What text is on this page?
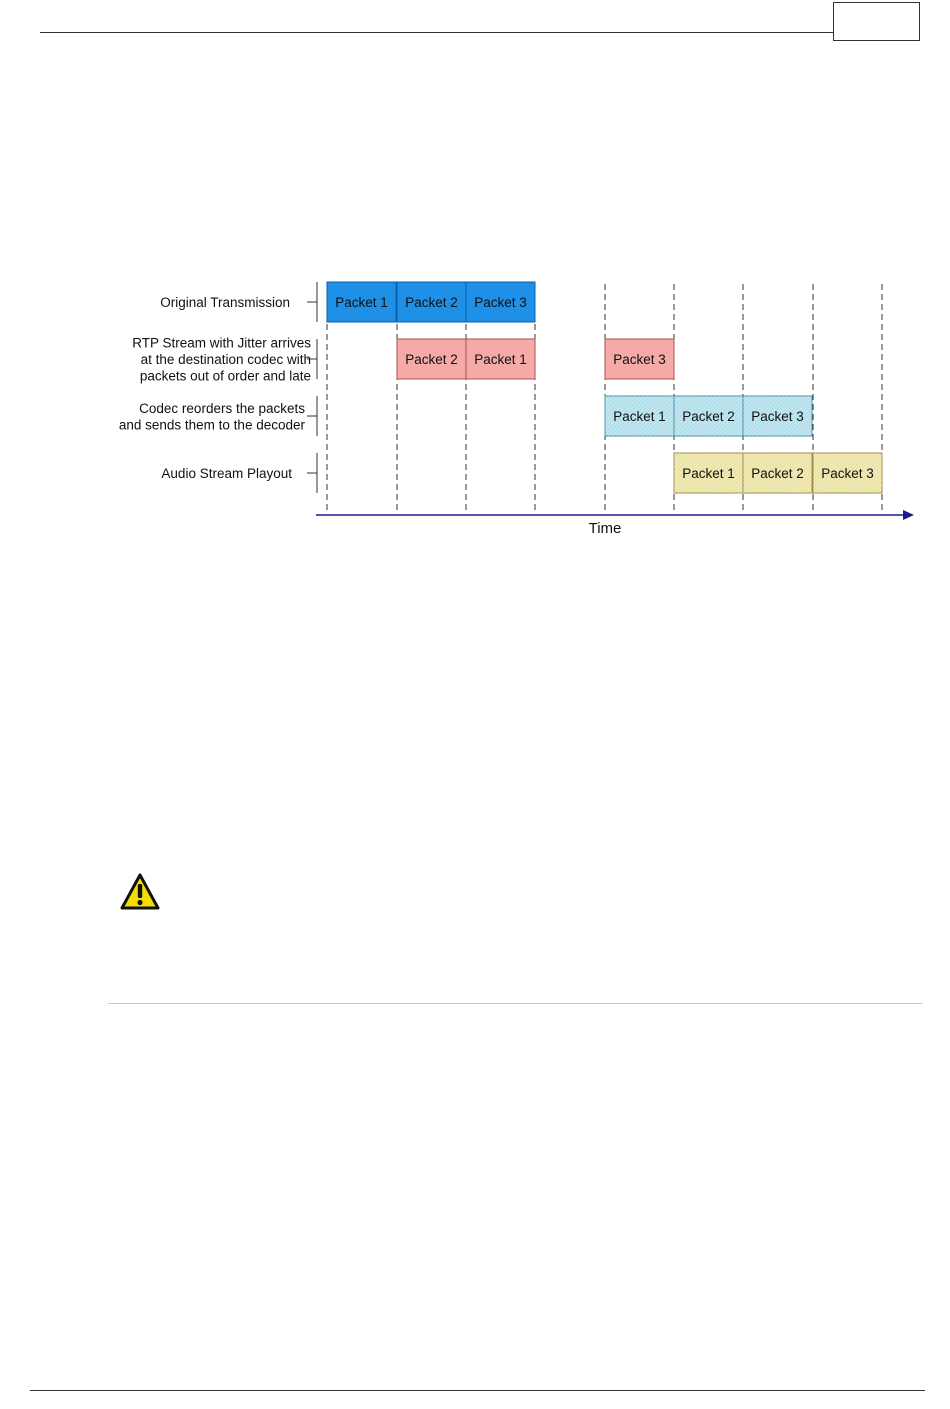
Original Transmission	Packet 1 Packet 2 Packet 3
RTP Stream with Jitter arrives at the destination codec with packets out of order and late
Packet 2 Packet 1	Packet 3
Codec reorders the packets and sends them to the decoder
Packet 1 Packet 2 Packet 3
Audio Stream Playout	Packet 1 Packet 2 Packet 3
Time
